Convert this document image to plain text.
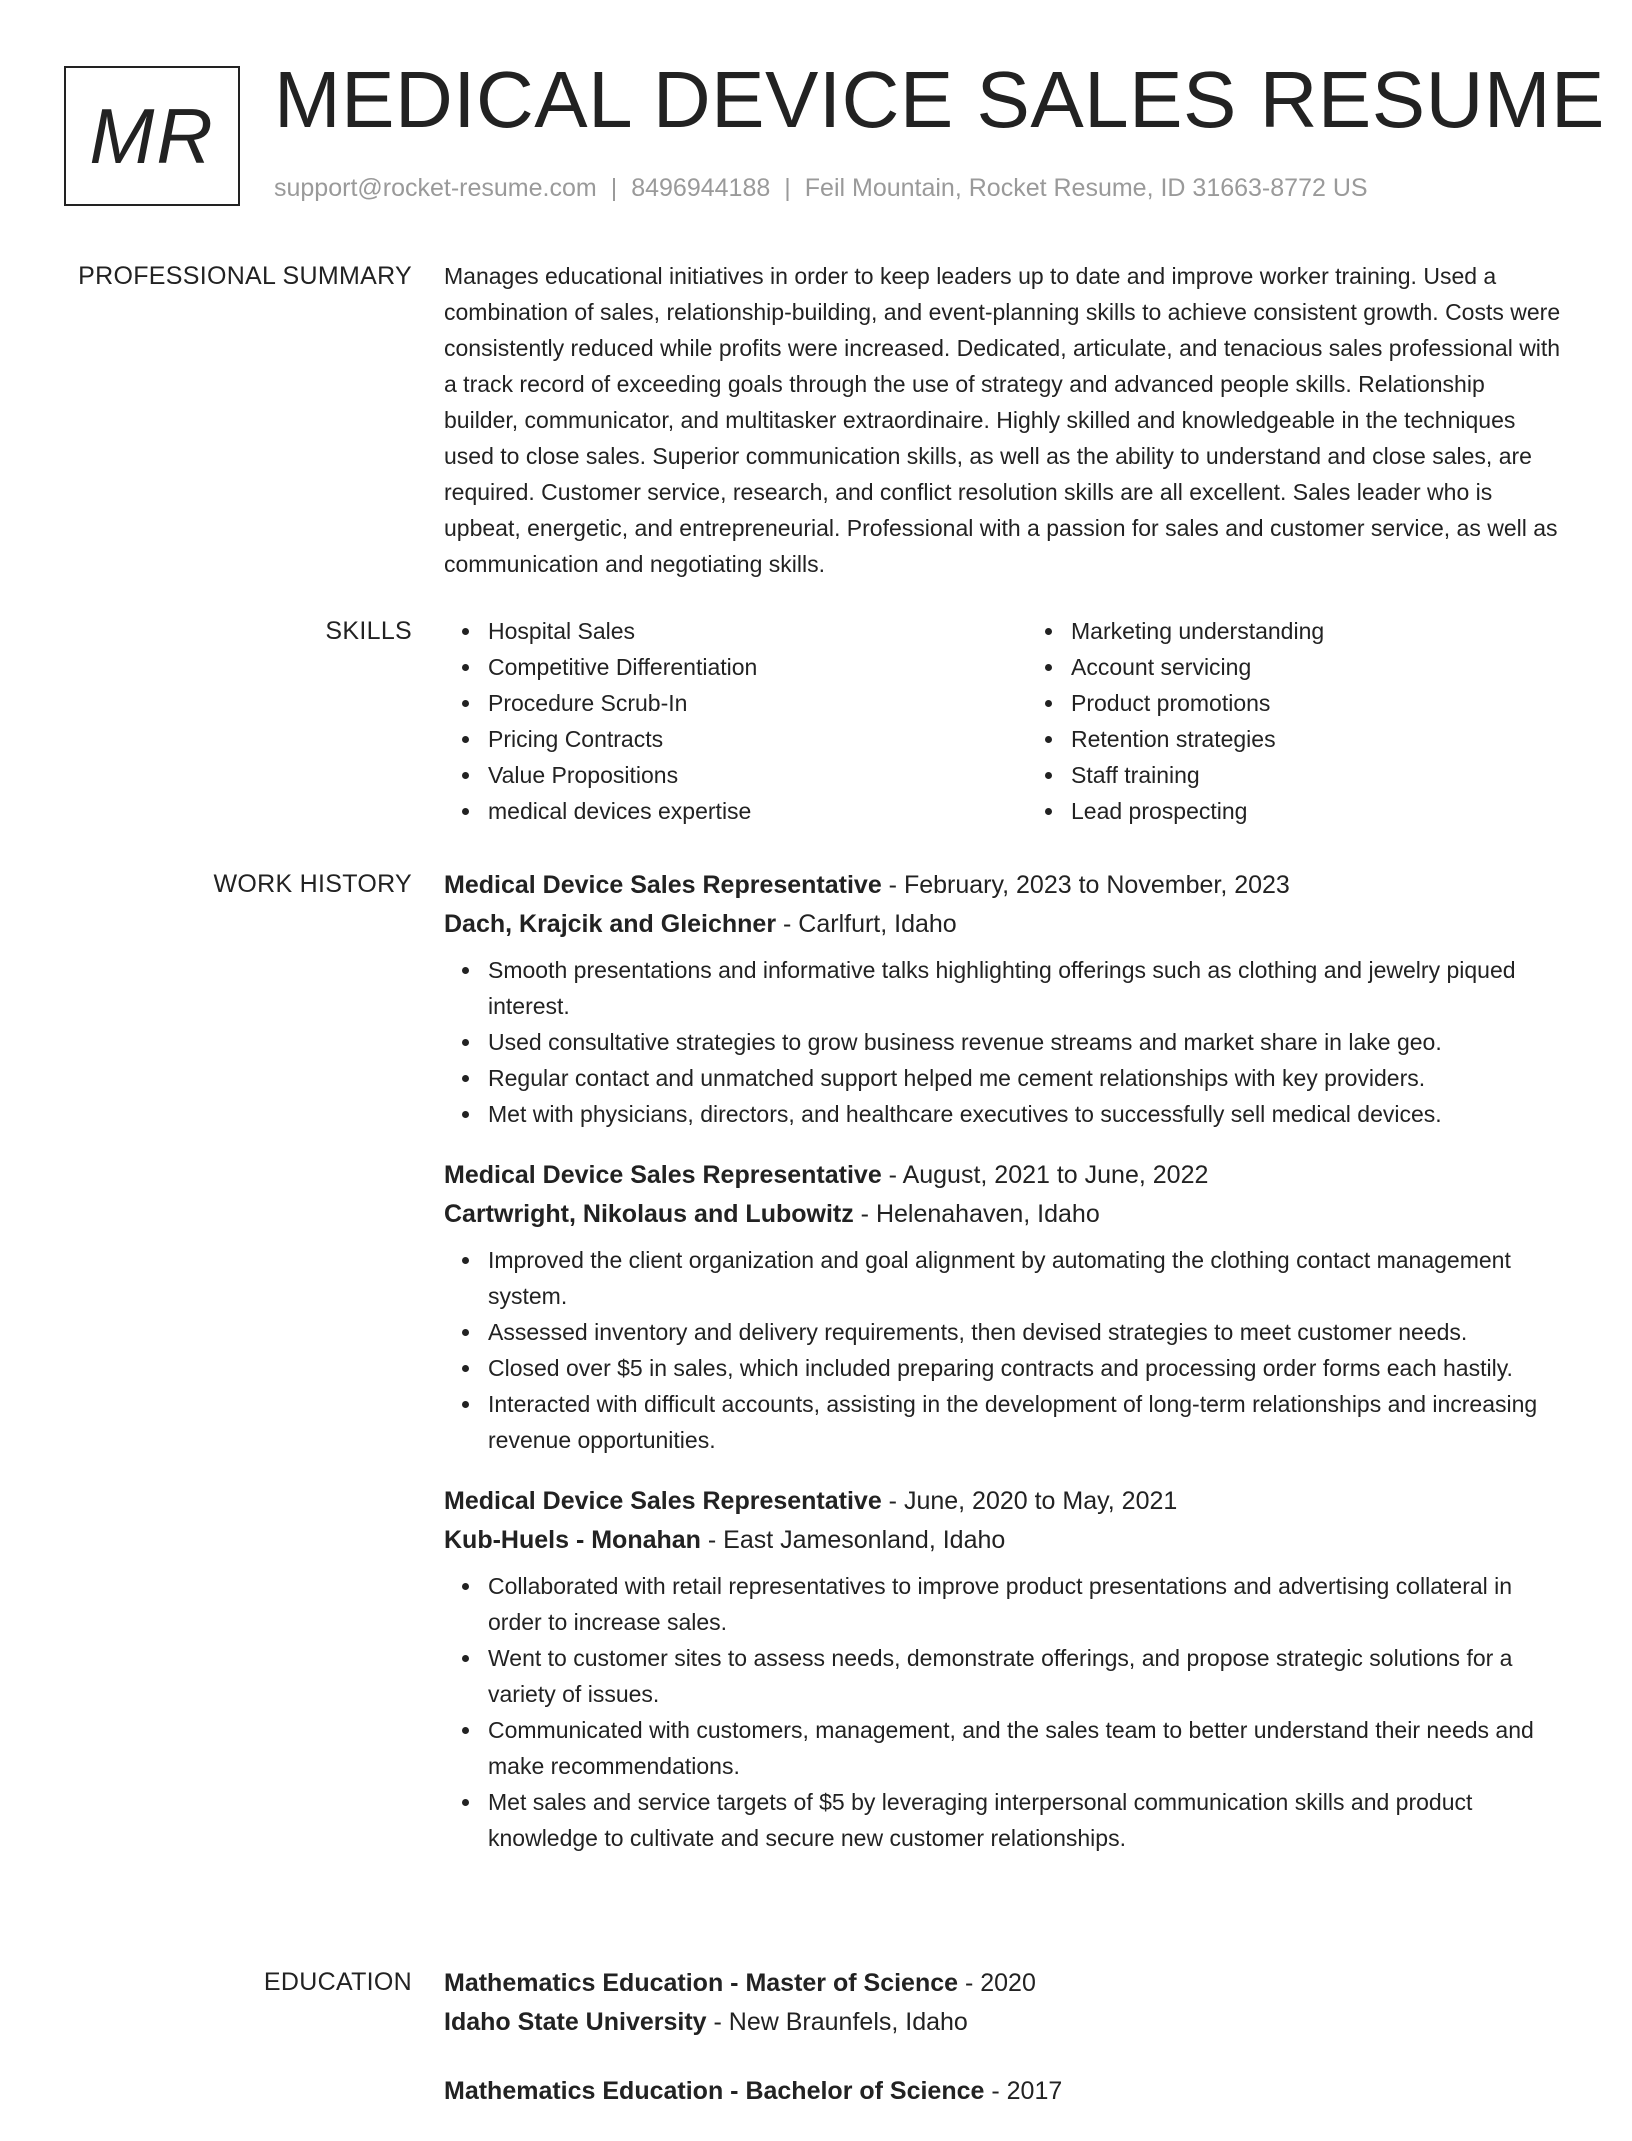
MR MEDICAL DEVICE SALES RESUME
support@rocket-resume.com | 8496944188 | Feil Mountain, Rocket Resume, ID 31663-8772 US
PROFESSIONAL SUMMARY Manages educational initiatives in order to keep leaders up to date and improve worker training. Used a combination of sales, relationship-building, and event-planning skills to achieve consistent growth. Costs were consistently reduced while profits were increased. Dedicated, articulate, and tenacious sales professional with a track record of exceeding goals through the use of strategy and advanced people skills. Relationship builder, communicator, and multitasker extraordinaire. Highly skilled and knowledgeable in the techniques used to close sales. Superior communication skills, as well as the ability to understand and close sales, are required. Customer service, research, and conflict resolution skills are all excellent. Sales leader who is upbeat, energetic, and entrepreneurial. Professional with a passion for sales and customer service, as well as communication and negotiating skills.

SKILLS	Hospital Sales
Competitive Differentiation
Procedure Scrub-In
Pricing Contracts
Value Propositions
medical devices expertise
Marketing understanding
Account servicing
Product promotions
Retention strategies
Staff training
Lead prospecting
WORK HISTORY Medical Device Sales Representative - February, 2023 to November, 2023
Dach, Krajcik and Gleichner - Carlfurt, Idaho
Smooth presentations and informative talks highlighting offerings such as clothing and jewelry piqued interest.
Used consultative strategies to grow business revenue streams and market share in lake geo.
Regular contact and unmatched support helped me cement relationships with key providers.
Met with physicians, directors, and healthcare executives to successfully sell medical devices.
Medical Device Sales Representative - August, 2021 to June, 2022
Cartwright, Nikolaus and Lubowitz - Helenahaven, Idaho
Improved the client organization and goal alignment by automating the clothing contact management system.
Assessed inventory and delivery requirements, then devised strategies to meet customer needs.
Closed over $5 in sales, which included preparing contracts and processing order forms each hastily.
Interacted with difficult accounts, assisting in the development of long-term relationships and increasing revenue opportunities.
Medical Device Sales Representative - June, 2020 to May, 2021
Kub-Huels - Monahan - East Jamesonland, Idaho
Collaborated with retail representatives to improve product presentations and advertising collateral in order to increase sales.
Went to customer sites to assess needs, demonstrate offerings, and propose strategic solutions for a variety of issues.
Communicated with customers, management, and the sales team to better understand their needs and make recommendations.
Met sales and service targets of $5 by leveraging interpersonal communication skills and product knowledge to cultivate and secure new customer relationships.
EDUCATION Mathematics Education - Master of Science - 2020
Idaho State University - New Braunfels, Idaho
Mathematics Education - Bachelor of Science - 2017
